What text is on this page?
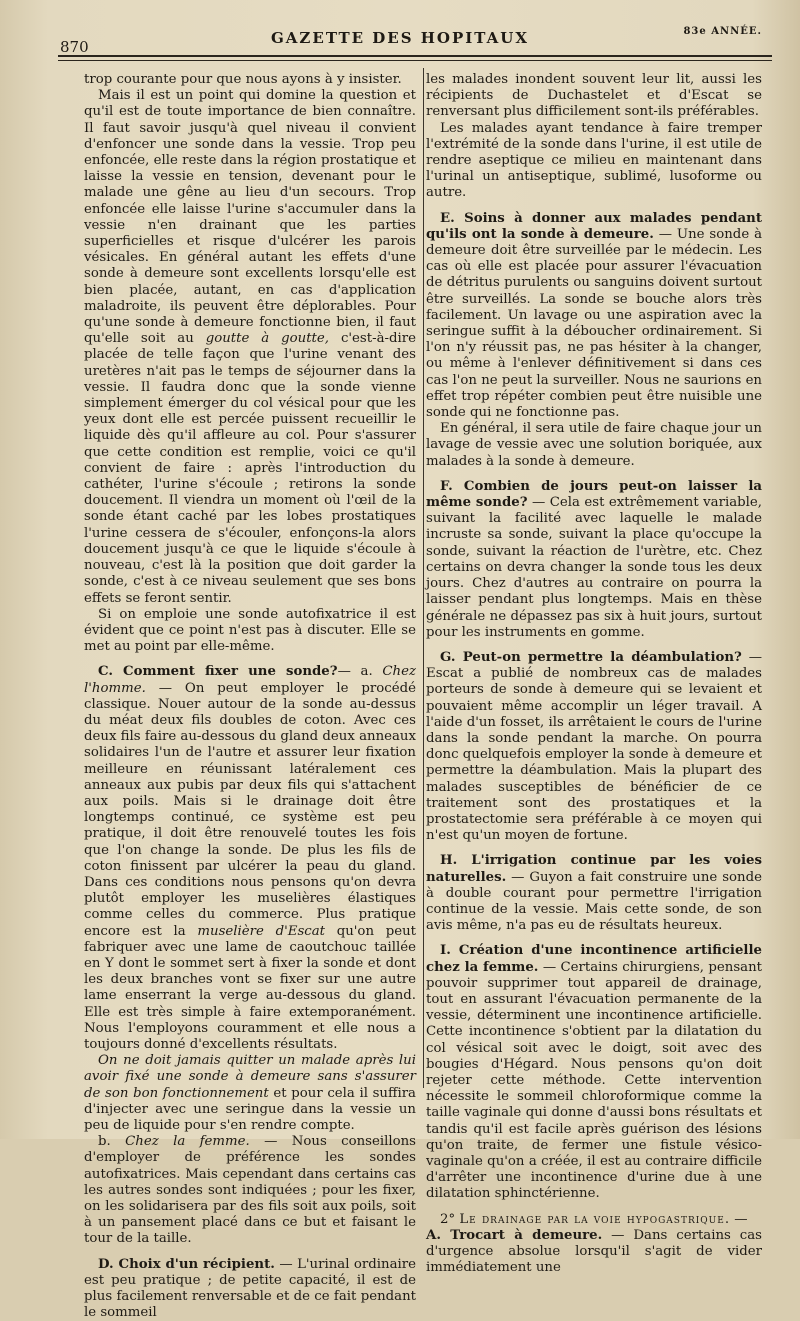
870	GAZETTE DES HOPITAUX	83e ANNÉE.

trop courante pour que nous ayons à y insister.

Mais il est un point qui domine la question et qu'il est de toute importance de bien connaître. Il faut savoir jusqu'à quel niveau il convient d'enfoncer une sonde dans la vessie. Trop peu enfoncée, elle reste dans la région prostatique et laisse la vessie en tension, devenant pour le malade une gêne au lieu d'un secours. Trop enfoncée elle laisse l'urine s'accumuler dans la vessie n'en drainant que les parties superficielles et risque d'ulcérer les parois vésicales. En général autant les effets d'une sonde à demeure sont excellents lorsqu'elle est bien placée, autant, en cas d'application maladroite, ils peuvent être déplorables. Pour qu'une sonde à demeure fonctionne bien, il faut qu'elle soit au goutte à goutte, c'est-à-dire placée de telle façon que l'urine venant des uretères n'ait pas le temps de séjourner dans la vessie. Il faudra donc que la sonde vienne simplement émerger du col vésical pour que les yeux dont elle est percée puissent recueillir le liquide dès qu'il affleure au col. Pour s'assurer que cette condition est remplie, voici ce qu'il convient de faire : après l'introduction du cathéter, l'urine s'écoule ; retirons la sonde doucement. Il viendra un moment où l'œil de la sonde étant caché par les lobes prostatiques l'urine cessera de s'écouler, enfonçons-la alors doucement jusqu'à ce que le liquide s'écoule à nouveau, c'est là la position que doit garder la sonde, c'est à ce niveau seulement que ses bons effets se feront sentir.

Si on emploie une sonde autofixatrice il est évident que ce point n'est pas à discuter. Elle se met au point par elle-même.

C. Comment fixer une sonde?— a. Chez l'homme. — On peut employer le procédé classique. Nouer autour de la sonde au-dessus du méat deux fils doubles de coton. Avec ces deux fils faire au-dessous du gland deux anneaux solidaires l'un de l'autre et assurer leur fixation meilleure en réunissant latéralement ces anneaux aux pubis par deux fils qui s'attachent aux poils. Mais si le drainage doit être longtemps continué, ce système est peu pratique, il doit être renouvelé toutes les fois que l'on change la sonde. De plus les fils de coton finissent par ulcérer la peau du gland. Dans ces conditions nous pensons qu'on devra plutôt employer les muselières élastiques comme celles du commerce. Plus pratique encore est la muselière d'Escat qu'on peut fabriquer avec une lame de caoutchouc taillée en Y dont le sommet sert à fixer la sonde et dont les deux branches vont se fixer sur une autre lame enserrant la verge au-dessous du gland. Elle est très simple à faire extemporanément. Nous l'employons couramment et elle nous a toujours donné d'excellents résultats.

On ne doit jamais quitter un malade après lui avoir fixé une sonde à demeure sans s'assurer de son bon fonctionnement et pour cela il suffira d'injecter avec une seringue dans la vessie un peu de liquide pour s'en rendre compte.

b. Chez la femme. — Nous conseillons d'employer de préférence les sondes autofixatrices. Mais cependant dans certains cas les autres sondes sont indiquées ; pour les fixer, on les solidarisera par des fils soit aux poils, soit à un pansement placé dans ce but et faisant le tour de la taille.

D. Choix d'un récipient. — L'urinal ordinaire est peu pratique ; de petite capacité, il est de plus facilement renversable et de ce fait pendant le sommeil

les malades inondent souvent leur lit, aussi les récipients de Duchastelet et d'Escat se renversant plus difficilement sont-ils préférables.

Les malades ayant tendance à faire tremper l'extrémité de la sonde dans l'urine, il est utile de rendre aseptique ce milieu en maintenant dans l'urinal un antiseptique, sublimé, lusoforme ou autre.

E. Soins à donner aux malades pendant qu'ils ont la sonde à demeure. — Une sonde à demeure doit être surveillée par le médecin. Les cas où elle est placée pour assurer l'évacuation de détritus purulents ou sanguins doivent surtout être surveillés. La sonde se bouche alors très facilement. Un lavage ou une aspiration avec la seringue suffit à la déboucher ordinairement. Si l'on n'y réussit pas, ne pas hésiter à la changer, ou même à l'enlever définitivement si dans ces cas l'on ne peut la surveiller. Nous ne saurions en effet trop répéter combien peut être nuisible une sonde qui ne fonctionne pas.

En général, il sera utile de faire chaque jour un lavage de vessie avec une solution boriquée, aux malades à la sonde à demeure.

F. Combien de jours peut-on laisser la même sonde? — Cela est extrêmement variable, suivant la facilité avec laquelle le malade incruste sa sonde, suivant la place qu'occupe la sonde, suivant la réaction de l'urètre, etc. Chez certains on devra changer la sonde tous les deux jours. Chez d'autres au contraire on pourra la laisser pendant plus longtemps. Mais en thèse générale ne dépassez pas six à huit jours, surtout pour les instruments en gomme.

G. Peut-on permettre la déambulation? — Escat a publié de nombreux cas de malades porteurs de sonde à demeure qui se levaient et pouvaient même accomplir un léger travail. A l'aide d'un fosset, ils arrêtaient le cours de l'urine dans la sonde pendant la marche. On pourra donc quelquefois employer la sonde à demeure et permettre la déambulation. Mais la plupart des malades susceptibles de bénéficier de ce traitement sont des prostatiques et la prostatectomie sera préférable à ce moyen qui n'est qu'un moyen de fortune.

H. L'irrigation continue par les voies naturelles. — Guyon a fait construire une sonde à double courant pour permettre l'irrigation continue de la vessie. Mais cette sonde, de son avis même, n'a pas eu de résultats heureux.

I. Création d'une incontinence artificielle chez la femme. — Certains chirurgiens, pensant pouvoir supprimer tout appareil de drainage, tout en assurant l'évacuation permanente de la vessie, déterminent une incontinence artificielle. Cette incontinence s'obtient par la dilatation du col vésical soit avec le doigt, soit avec des bougies d'Hégard. Nous pensons qu'on doit rejeter cette méthode. Cette intervention nécessite le sommeil chloroformique comme la taille vaginale qui donne d'aussi bons résultats et tandis qu'il est facile après guérison des lésions qu'on traite, de fermer une fistule vésico-vaginale qu'on a créée, il est au contraire difficile d'arrêter une incontinence d'urine due à une dilatation sphinctérienne.

2° Le drainage par la voie hypogastrique. —

A. Trocart à demeure. — Dans certains cas d'urgence absolue lorsqu'il s'agit de vider immédiatement une
